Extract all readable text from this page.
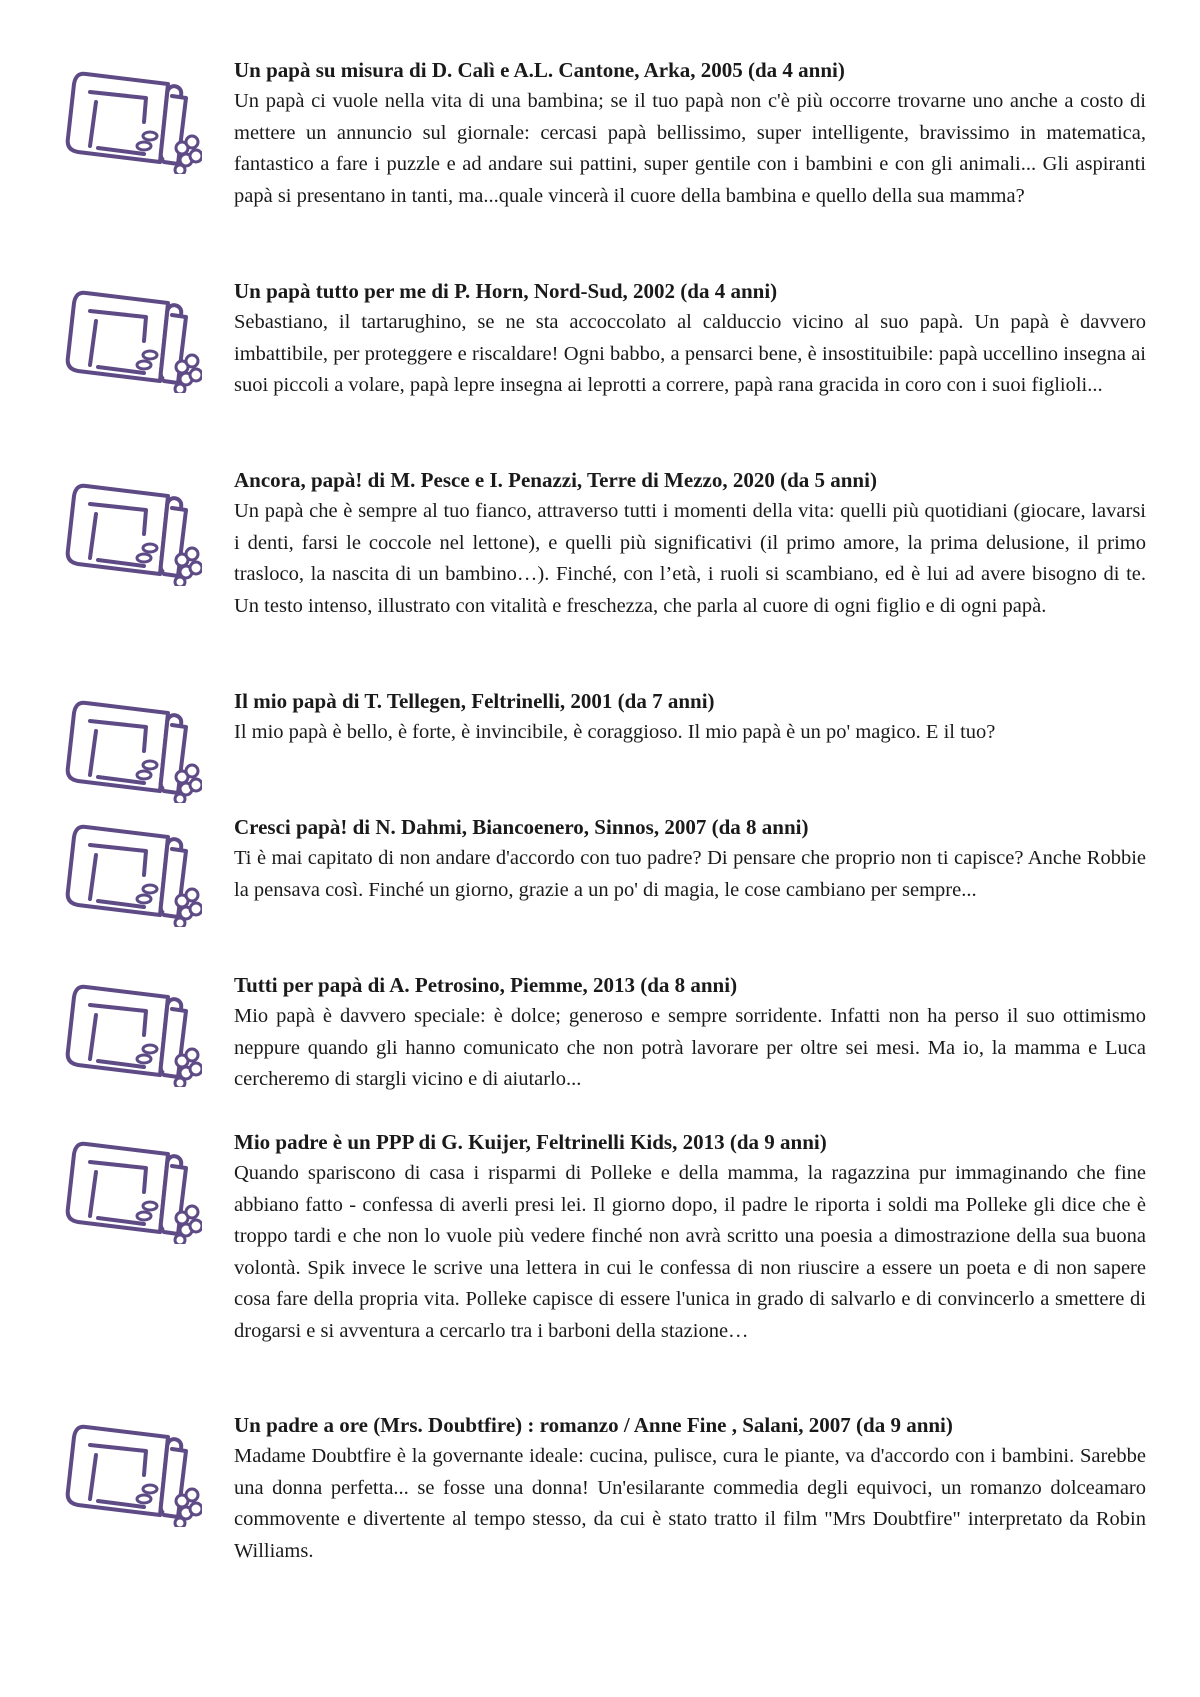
Un papà su misura di D. Calì e A.L. Cantone, Arka, 2005 (da 4 anni)

Un papà ci vuole nella vita di una bambina; se il tuo papà non c'è più occorre trovarne uno anche a costo di mettere un annuncio sul giornale: cercasi papà bellissimo, super intelligente, bravissimo in matematica, fantastico a fare i puzzle e ad andare sui pattini, super gentile con i bambini e con gli animali... Gli aspiranti papà si presentano in tanti, ma...quale vincerà il cuore della bambina e quello della sua mamma?

Un papà tutto per me di P. Horn, Nord-Sud, 2002 (da 4 anni)

Sebastiano, il tartarughino, se ne sta accoccolato al calduccio vicino al suo papà. Un papà è davvero imbattibile, per proteggere e riscaldare! Ogni babbo, a pensarci bene, è insostituibile: papà uccellino insegna ai suoi piccoli a volare, papà lepre insegna ai leprotti a correre, papà rana gracida in coro con i suoi figlioli...

Ancora, papà! di M. Pesce e I. Penazzi, Terre di Mezzo, 2020 (da 5 anni)

Un papà che è sempre al tuo fianco, attraverso tutti i momenti della vita: quelli più quotidiani (giocare, lavarsi i denti, farsi le coccole nel lettone), e quelli più significativi (il primo amore, la prima delusione, il primo trasloco, la nascita di un bambino…). Finché, con l’età, i ruoli si scambiano, ed è lui ad avere bisogno di te. Un testo intenso, illustrato con vitalità e freschezza, che parla al cuore di ogni figlio e di ogni papà.

Il mio papà di T. Tellegen, Feltrinelli, 2001 (da 7 anni)

Il mio papà è bello, è forte, è invincibile, è coraggioso. Il mio papà è un po' magico. E il tuo?

Cresci papà! di N. Dahmi, Biancoenero, Sinnos, 2007 (da 8 anni)

Ti è mai capitato di non andare d'accordo con tuo padre? Di pensare che proprio non ti capisce? Anche Robbie la pensava così. Finché un giorno, grazie a un po' di magia, le cose cambiano per sempre...

Tutti per papà di A. Petrosino, Piemme, 2013 (da 8 anni)

Mio papà è davvero speciale: è dolce; generoso e sempre sorridente. Infatti non ha perso il suo ottimismo neppure quando gli hanno comunicato che non potrà lavorare per oltre sei mesi. Ma io, la mamma e Luca cercheremo di stargli vicino e di aiutarlo...

Mio padre è un PPP di G. Kuijer, Feltrinelli Kids, 2013 (da 9 anni)

Quando spariscono di casa i risparmi di Polleke e della mamma, la ragazzina pur immaginando che fine abbiano fatto - confessa di averli presi lei. Il giorno dopo, il padre le riporta i soldi ma Polleke gli dice che è troppo tardi e che non lo vuole più vedere finché non avrà scritto una poesia a dimostrazione della sua buona volontà. Spik invece le scrive una lettera in cui le confessa di non riuscire a essere un poeta e di non sapere cosa fare della propria vita. Polleke capisce di essere l'unica in grado di salvarlo e di convincerlo a smettere di drogarsi e si avventura a cercarlo tra i barboni della stazione…

Un padre a ore (Mrs. Doubtfire) : romanzo / Anne Fine , Salani, 2007 (da 9 anni)

Madame Doubtfire è la governante ideale: cucina, pulisce, cura le piante, va d'accordo con i bambini. Sarebbe una donna perfetta... se fosse una donna! Un'esilarante commedia degli equivoci, un romanzo dolceamaro commovente e divertente al tempo stesso, da cui è stato tratto il film "Mrs Doubtfire" interpretato da Robin Williams.
